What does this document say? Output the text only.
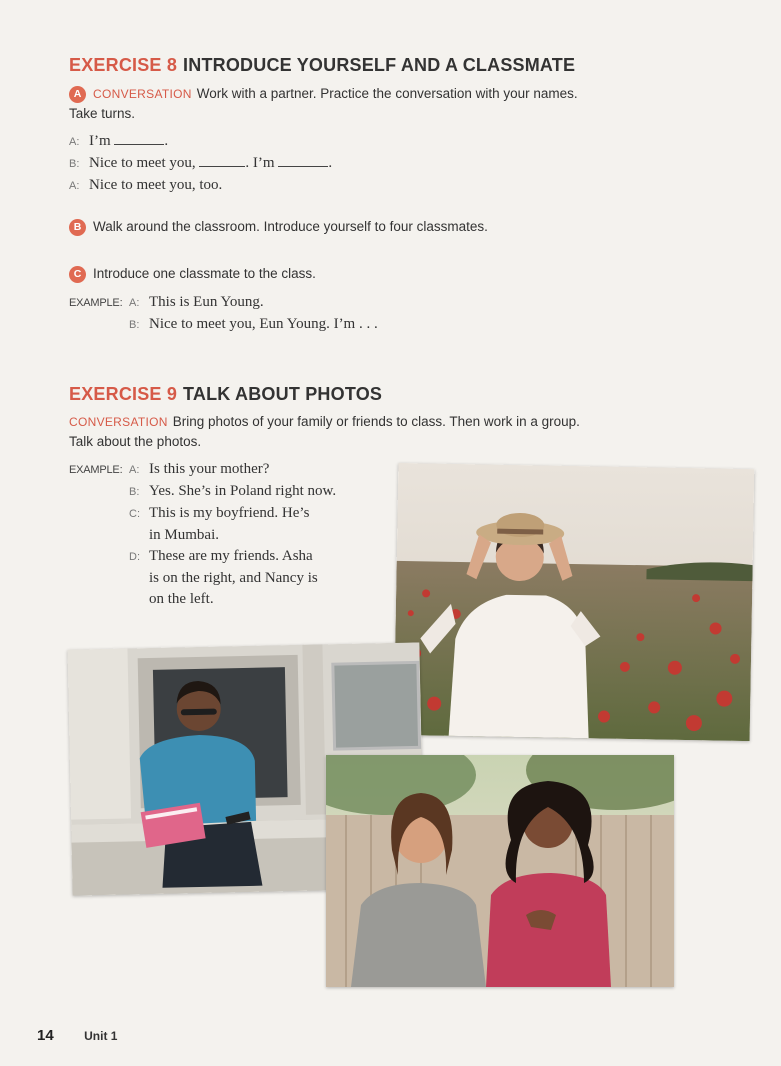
EXERCISE 8 INTRODUCE YOURSELF AND A CLASSMATE
A CONVERSATION Work with a partner. Practice the conversation with your names.
Take turns.
A: I’m	.
B: Nice to meet you,	. I’m	.
A: Nice to meet you, too.
B Walk around the classroom. Introduce yourself to four classmates.
C Introduce one classmate to the class.
EXAMPLE: A: This is Eun Young.
B: Nice to meet you, Eun Young. I’m . . .
EXERCISE 9 TALK ABOUT PHOTOS
CONVERSATION Bring photos of your family or friends to class. Then work in a group.
Talk about the photos.
EXAMPLE: A: Is this your mother?
B: Yes. She’s in Poland right now.
C: This is my boyfriend. He’s
in Mumbai.
D: These are my friends. Asha
is on the right, and Nancy is
on the left.
14	Unit 1
